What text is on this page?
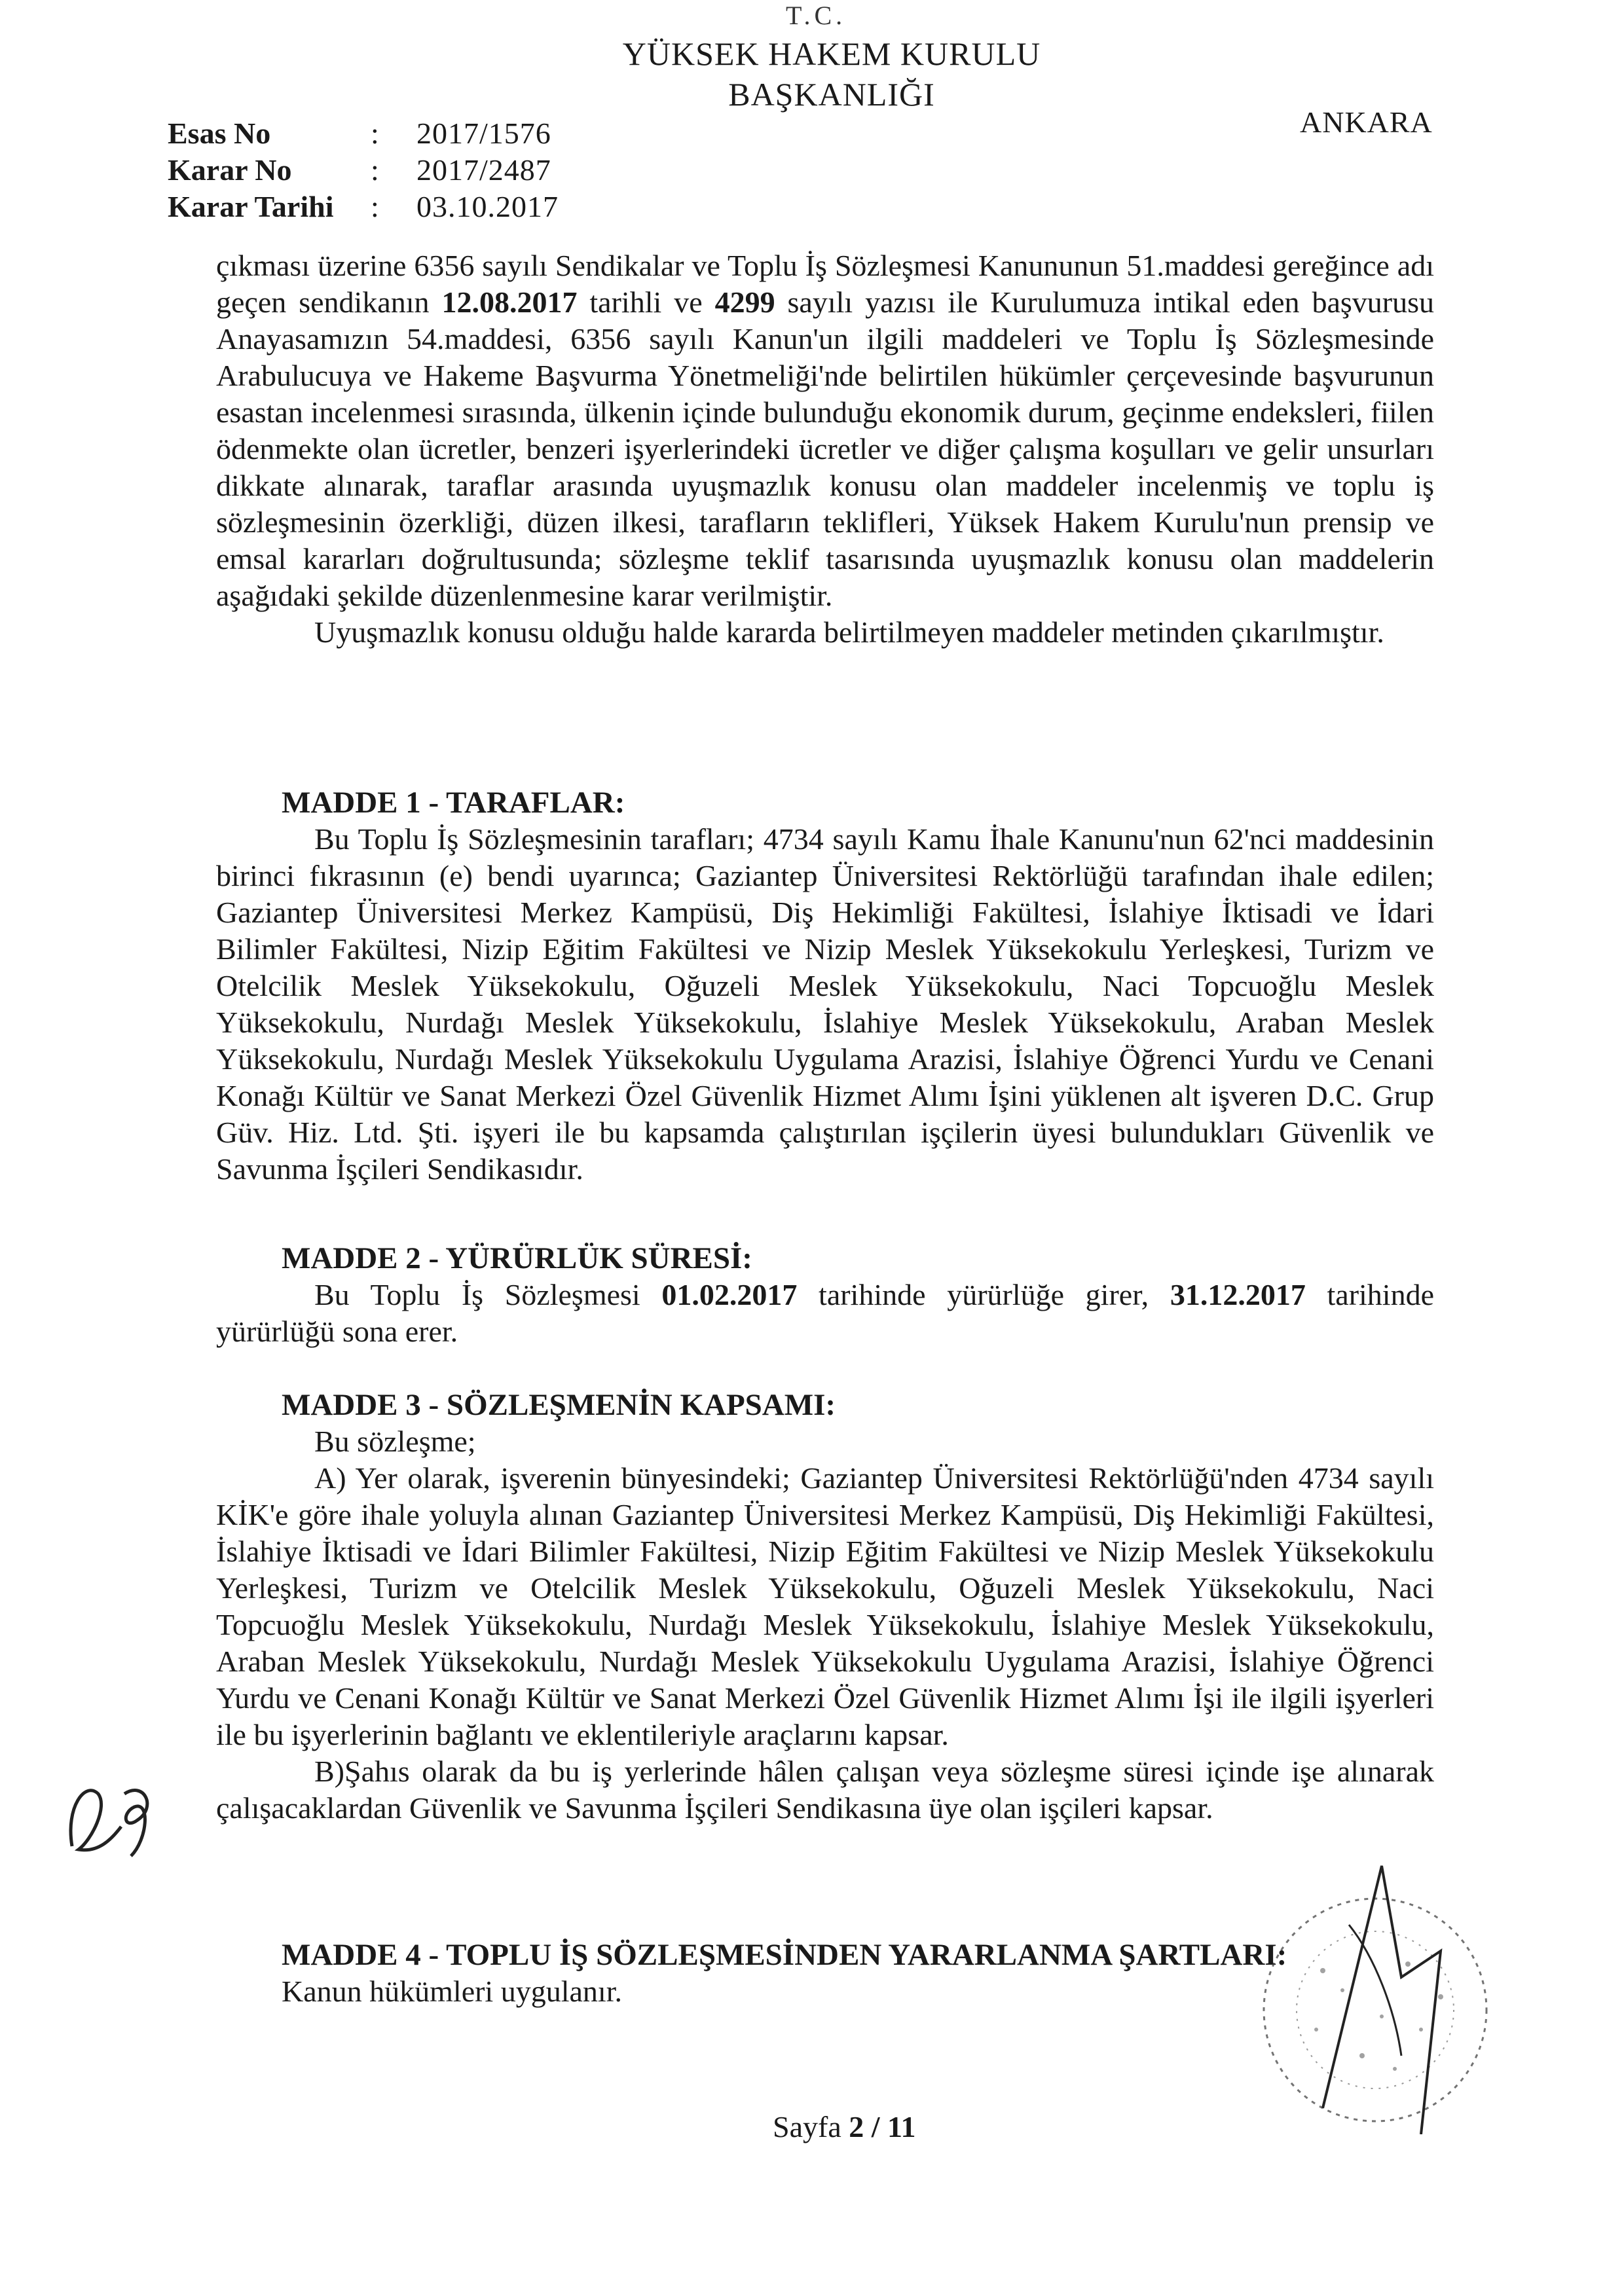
T.C.
YÜKSEK HAKEM KURULU
BAŞKANLIĞI
ANKARA
Esas No	:	2017/1576
Karar No	:	2017/2487
Karar Tarihi	:	03.10.2017

çıkması üzerine 6356 sayılı Sendikalar ve Toplu İş Sözleşmesi Kanununun 51.maddesi gereğince adı geçen sendikanın 12.08.2017 tarihli ve 4299 sayılı yazısı ile Kurulumuza intikal eden başvurusu Anayasamızın 54.maddesi, 6356 sayılı Kanun'un ilgili maddeleri ve Toplu İş Sözleşmesinde Arabulucuya ve Hakeme Başvurma Yönetmeliği'nde belirtilen hükümler çerçevesinde başvurunun esastan incelenmesi sırasında, ülkenin içinde bulunduğu ekonomik durum, geçinme endeksleri, fiilen ödenmekte olan ücretler, benzeri işyerlerindeki ücretler ve diğer çalışma koşulları ve gelir unsurları dikkate alınarak, taraflar arasında uyuşmazlık konusu olan maddeler incelenmiş ve toplu iş sözleşmesinin özerkliği, düzen ilkesi, tarafların teklifleri, Yüksek Hakem Kurulu'nun prensip ve emsal kararları doğrultusunda; sözleşme teklif tasarısında uyuşmazlık konusu olan maddelerin aşağıdaki şekilde düzenlenmesine karar verilmiştir.

Uyuşmazlık konusu olduğu halde kararda belirtilmeyen maddeler metinden çıkarılmıştır.

MADDE 1 - TARAFLAR:

Bu Toplu İş Sözleşmesinin tarafları; 4734 sayılı Kamu İhale Kanunu'nun 62'nci maddesinin birinci fıkrasının (e) bendi uyarınca; Gaziantep Üniversitesi Rektörlüğü tarafından ihale edilen; Gaziantep Üniversitesi Merkez Kampüsü, Diş Hekimliği Fakültesi, İslahiye İktisadi ve İdari Bilimler Fakültesi, Nizip Eğitim Fakültesi ve Nizip Meslek Yüksekokulu Yerleşkesi, Turizm ve Otelcilik Meslek Yüksekokulu, Oğuzeli Meslek Yüksekokulu, Naci Topcuoğlu Meslek Yüksekokulu, Nurdağı Meslek Yüksekokulu, İslahiye Meslek Yüksekokulu, Araban Meslek Yüksekokulu, Nurdağı Meslek Yüksekokulu Uygulama Arazisi, İslahiye Öğrenci Yurdu ve Cenani Konağı Kültür ve Sanat Merkezi Özel Güvenlik Hizmet Alımı İşini yüklenen alt işveren D.C. Grup Güv. Hiz. Ltd. Şti. işyeri ile bu kapsamda çalıştırılan işçilerin üyesi bulundukları Güvenlik ve Savunma İşçileri Sendikasıdır.

MADDE 2 - YÜRÜRLÜK SÜRESİ:

Bu Toplu İş Sözleşmesi 01.02.2017 tarihinde yürürlüğe girer, 31.12.2017 tarihinde yürürlüğü sona erer.

MADDE 3 - SÖZLEŞMENİN KAPSAMI:

Bu sözleşme;

A) Yer olarak, işverenin bünyesindeki; Gaziantep Üniversitesi Rektörlüğü'nden 4734 sayılı KİK'e göre ihale yoluyla alınan Gaziantep Üniversitesi Merkez Kampüsü, Diş Hekimliği Fakültesi, İslahiye İktisadi ve İdari Bilimler Fakültesi, Nizip Eğitim Fakültesi ve Nizip Meslek Yüksekokulu Yerleşkesi, Turizm ve Otelcilik Meslek Yüksekokulu, Oğuzeli Meslek Yüksekokulu, Naci Topcuoğlu Meslek Yüksekokulu, Nurdağı Meslek Yüksekokulu, İslahiye Meslek Yüksekokulu, Araban Meslek Yüksekokulu, Nurdağı Meslek Yüksekokulu Uygulama Arazisi, İslahiye Öğrenci Yurdu ve Cenani Konağı Kültür ve Sanat Merkezi Özel Güvenlik Hizmet Alımı İşi ile ilgili işyerleri ile bu işyerlerinin bağlantı ve eklentileriyle araçlarını kapsar.

B)Şahıs olarak da bu iş yerlerinde hâlen çalışan veya sözleşme süresi içinde işe alınarak çalışacaklardan Güvenlik ve Savunma İşçileri Sendikasına üye olan işçileri kapsar.

MADDE 4 - TOPLU İŞ SÖZLEŞMESİNDEN YARARLANMA ŞARTLARI:

Kanun hükümleri uygulanır.

Sayfa 2 / 11
